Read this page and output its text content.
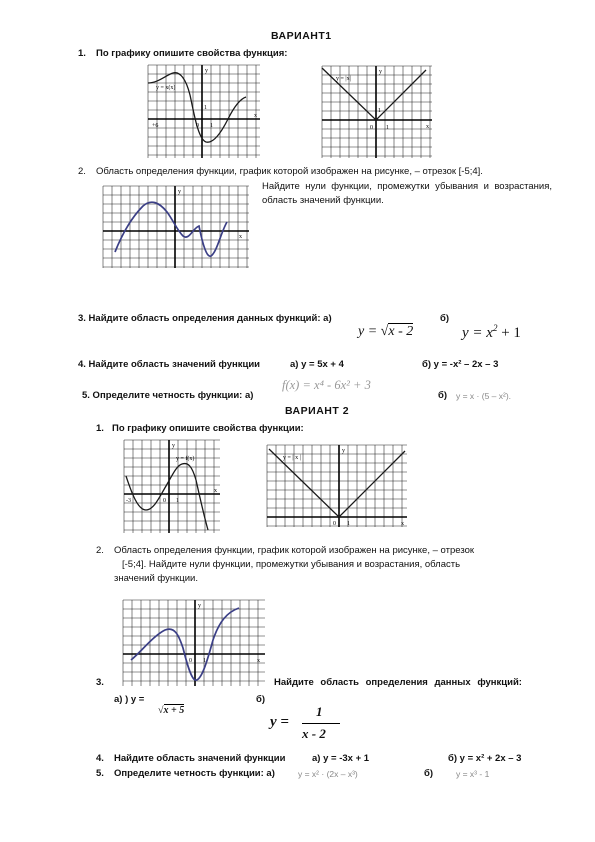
ВАРИАНТ1
1. По графику опишите свойства функция:
y = x(x)
+6	0 1
1
x
y
y = |x|
0 1
1
x
y
2. Область определения функции, график которой изображен на рисунке, – отрезок [-5;4].
Найдите нули функции, промежутки убывания и возрастания, область значений функции.
x
y
3. Найдите область определения данных функций: а)	б)
y = √x - 2	$y = x^2 + 1$
4. Найдите область значений функции	а) у = 5х + 4	б) у = -х² – 2х – 3
5. Определите четность функции: а)
f(x) = x⁴ - 6x² + 3
б) у = х · (5 – х²).
ВАРИАНТ 2
1. По графику опишите свойства функции:
y = f(x)
-3	0 1
x
y
y = | x |
0 1	x
y
2. Область определения функции, график которой изображен на рисунке, – отрезок
[-5;4]. Найдите нули функции, промежутки убывания и возрастания, область
значений функции.
0 1	x
y
3.	Найдите область определения данных функций:
а) ) у =
√x + 5
б)
y =
1
x - 2
4. Найдите область значений функции	а) у = -3х + 1	б) у = х² + 2х – 3
5. Определите четность функции: а)	у = х² · (2х – х³)	б)	у = х³ - 1
